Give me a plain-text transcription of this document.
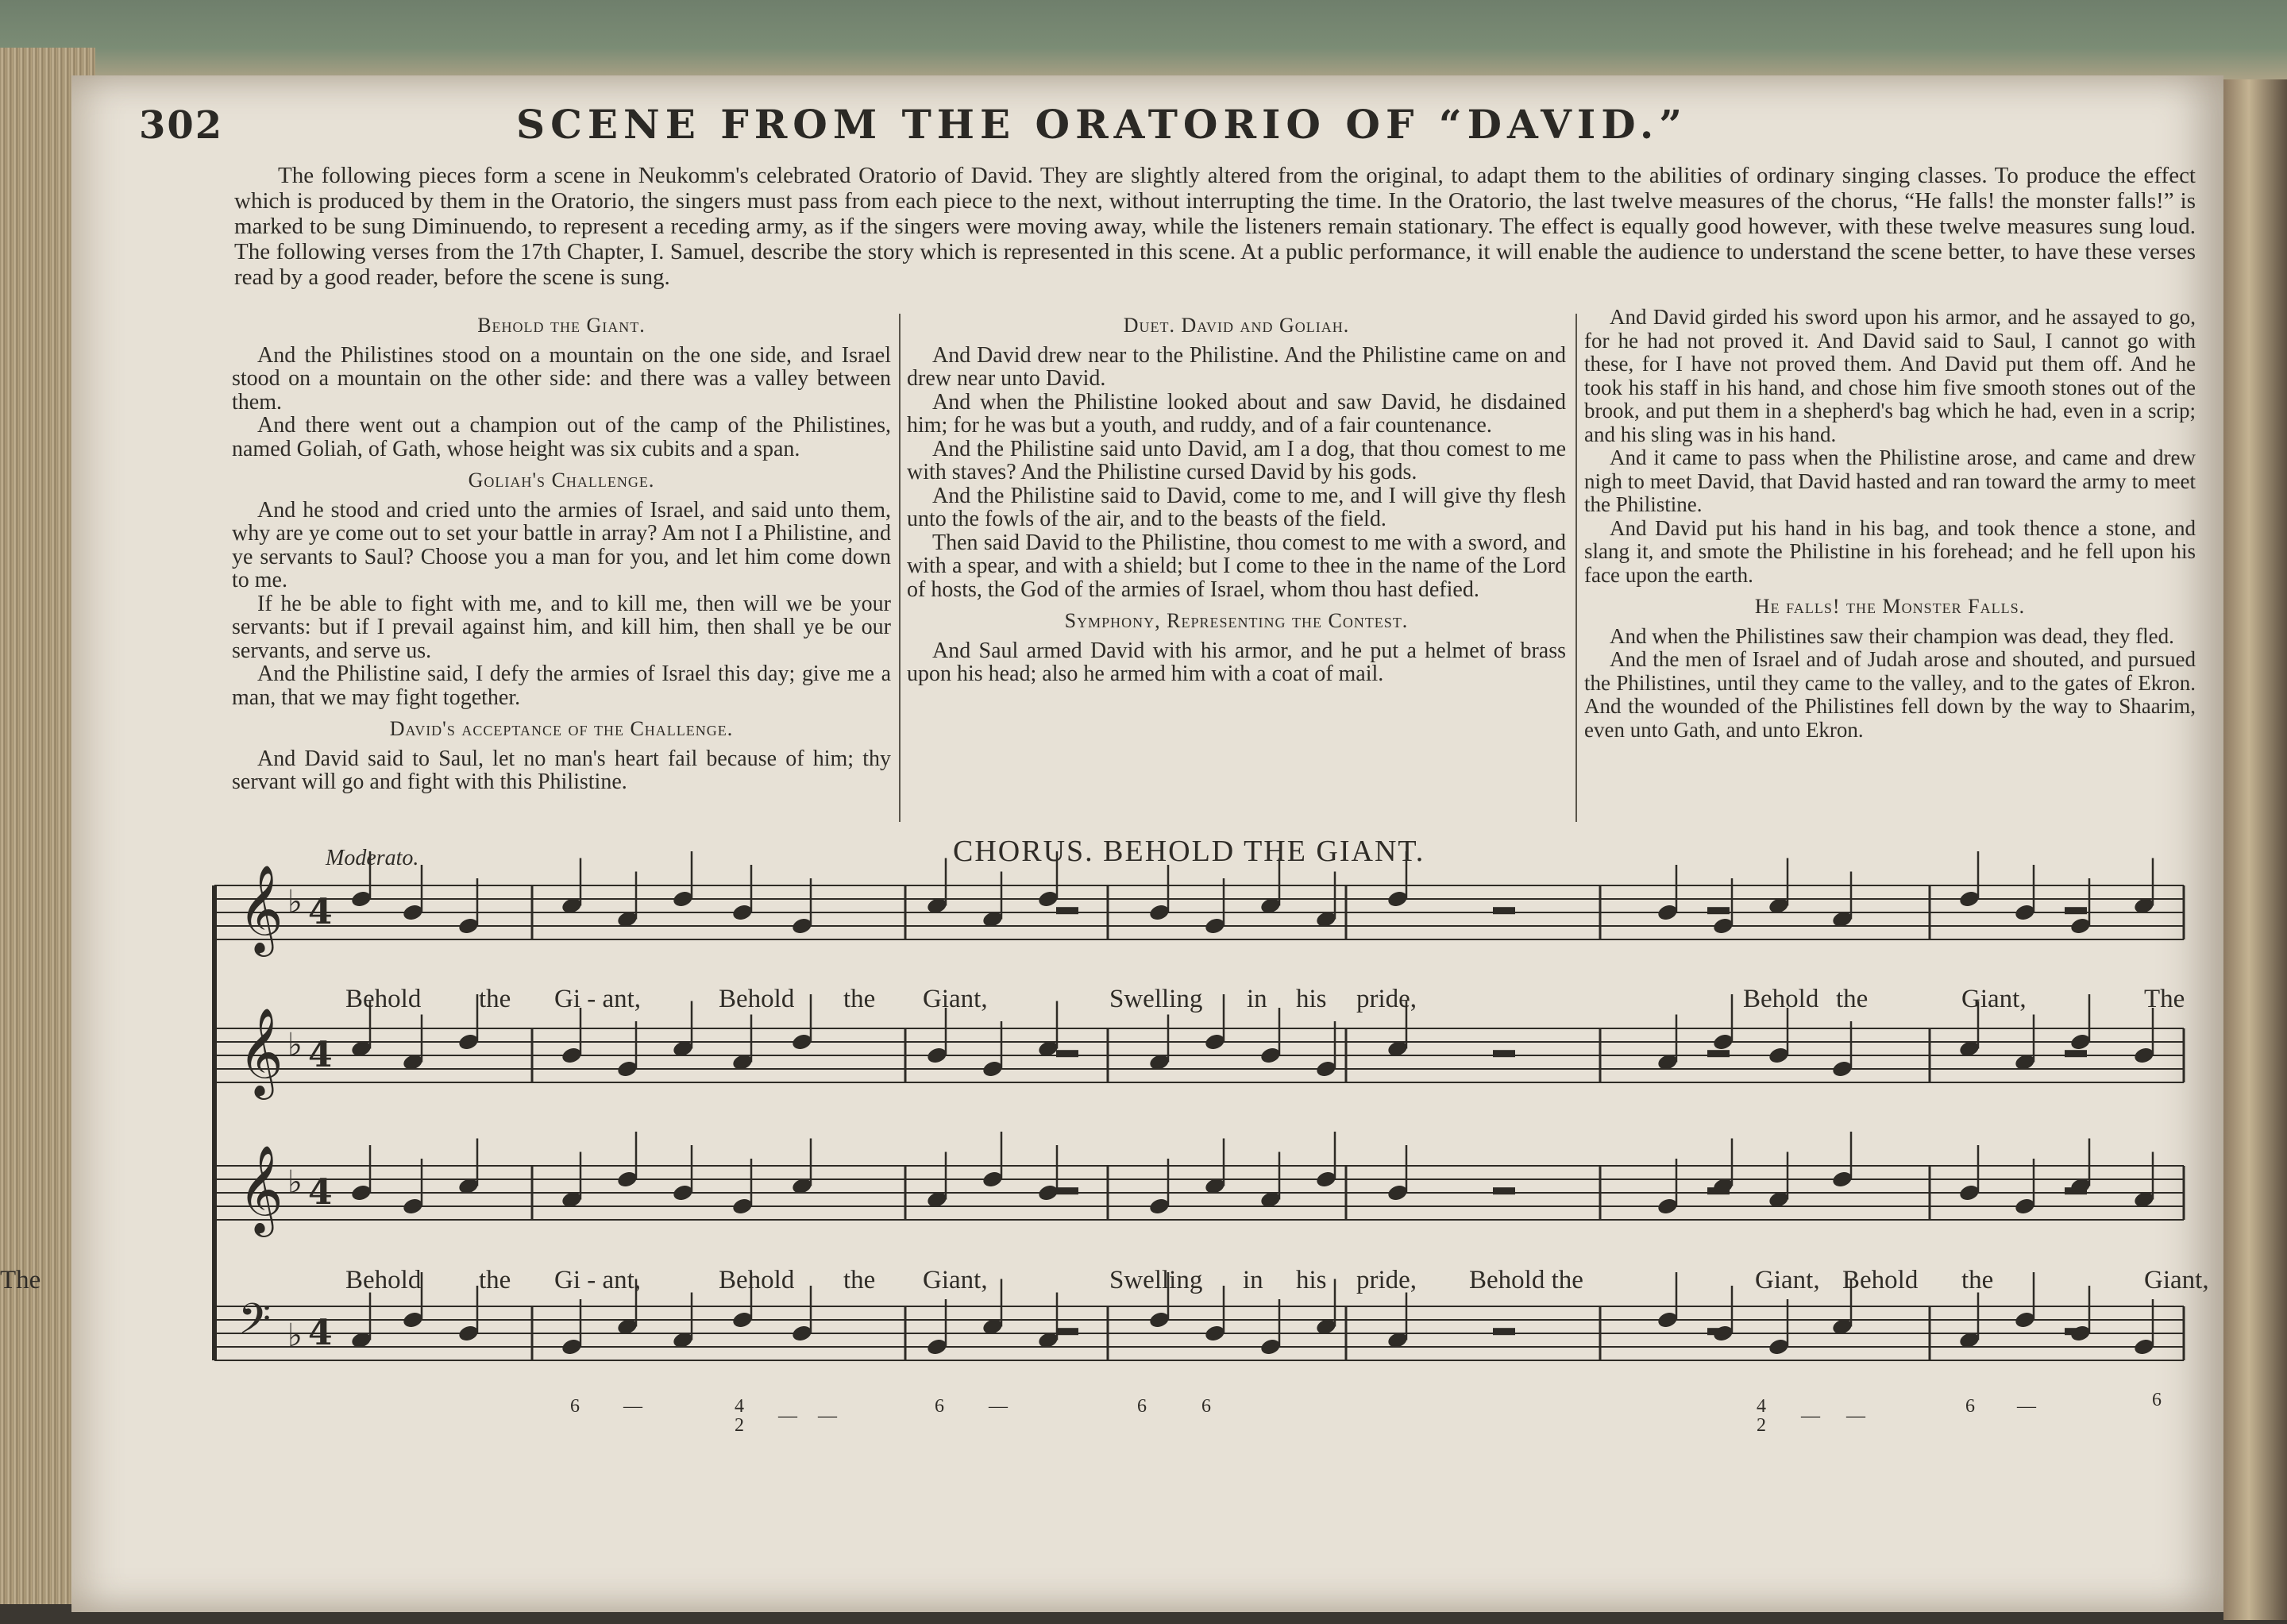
302	SCENE FROM THE ORATORIO OF “DAVID.”
The following pieces form a scene in Neukomm's celebrated Oratorio of David. They are slightly altered from the original, to adapt them to the abilities of ordinary singing classes. To produce the effect which is produced by them in the Oratorio, the singers must pass from each piece to the next, without interrupting the time. In the Oratorio, the last twelve measures of the chorus, “He falls! the monster falls!” is marked to be sung Diminuendo, to represent a receding army, as if the singers were moving away, while the listeners remain stationary. The effect is equally good however, with these twelve measures sung loud. The following verses from the 17th Chapter, I. Samuel, describe the story which is represented in this scene. At a public performance, it will enable the audience to understand the scene better, to have these verses read by a good reader, before the scene is sung.
Behold the Giant.

And the Philistines stood on a mountain on the one side, and Israel stood on a mountain on the other side: and there was a valley between them.

And there went out a champion out of the camp of the Philistines, named Goliah, of Gath, whose height was six cubits and a span.

Goliah's Challenge.

And he stood and cried unto the armies of Israel, and said unto them, why are ye come out to set your battle in array? Am not I a Philistine, and ye servants to Saul? Choose you a man for you, and let him come down to me.

If he be able to fight with me, and to kill me, then will we be your servants: but if I prevail against him, and kill him, then shall ye be our servants, and serve us.

And the Philistine said, I defy the armies of Israel this day; give me a man, that we may fight together.

David's acceptance of the Challenge.

And David said to Saul, let no man's heart fail because of him; thy servant will go and fight with this Philistine.

Duet. David and Goliah.

And David drew near to the Philistine. And the Philistine came on and drew near unto David.

And when the Philistine looked about and saw David, he disdained him; for he was but a youth, and ruddy, and of a fair countenance.

And the Philistine said unto David, am I a dog, that thou comest to me with staves? And the Philistine cursed David by his gods.

And the Philistine said to David, come to me, and I will give thy flesh unto the fowls of the air, and to the beasts of the field.

Then said David to the Philistine, thou comest to me with a sword, and with a spear, and with a shield; but I come to thee in the name of the Lord of hosts, the God of the armies of Israel, whom thou hast defied.

Symphony, Representing the Contest.

And Saul armed David with his armor, and he put a helmet of brass upon his head; also he armed him with a coat of mail.

And David girded his sword upon his armor, and he assayed to go, for he had not proved it. And David said to Saul, I cannot go with these, for I have not proved them. And David put them off. And he took his staff in his hand, and chose him five smooth stones out of the brook, and put them in a shepherd's bag which he had, even in a scrip; and his sling was in his hand.

And it came to pass when the Philistine arose, and came and drew nigh to meet David, that David hasted and ran toward the army to meet the Philistine.

And David put his hand in his bag, and took thence a stone, and slang it, and smote the Philistine in his forehead; and he fell upon his face upon the earth.

He falls! the Monster Falls.

And when the Philistines saw their champion was dead, they fled.

And the men of Israel and of Judah arose and shouted, and pursued the Philistines, until they came to the valley, and to the gates of Ekron. And the wounded of the Philistines fell down by the way to Shaarim, even unto Gath, and unto Ekron.

Moderato.	CHORUS. BEHOLD THE GIANT.
𝄞 ♭ 4
𝄞 ♭ 4
𝄞 ♭ 4
𝄢 ♭ 4
Behold the Gi - ant,	Behold the Giant,	Swelling in his pride,	Behold the	Giant,	The
Behold the Gi - ant,	Behold the Giant,	Swelling in his pride, Behold the	Giant, Behold the	Giant,
The
6 —	4
2 — —	6 —	6	6	4
2 — —	6 —	6
